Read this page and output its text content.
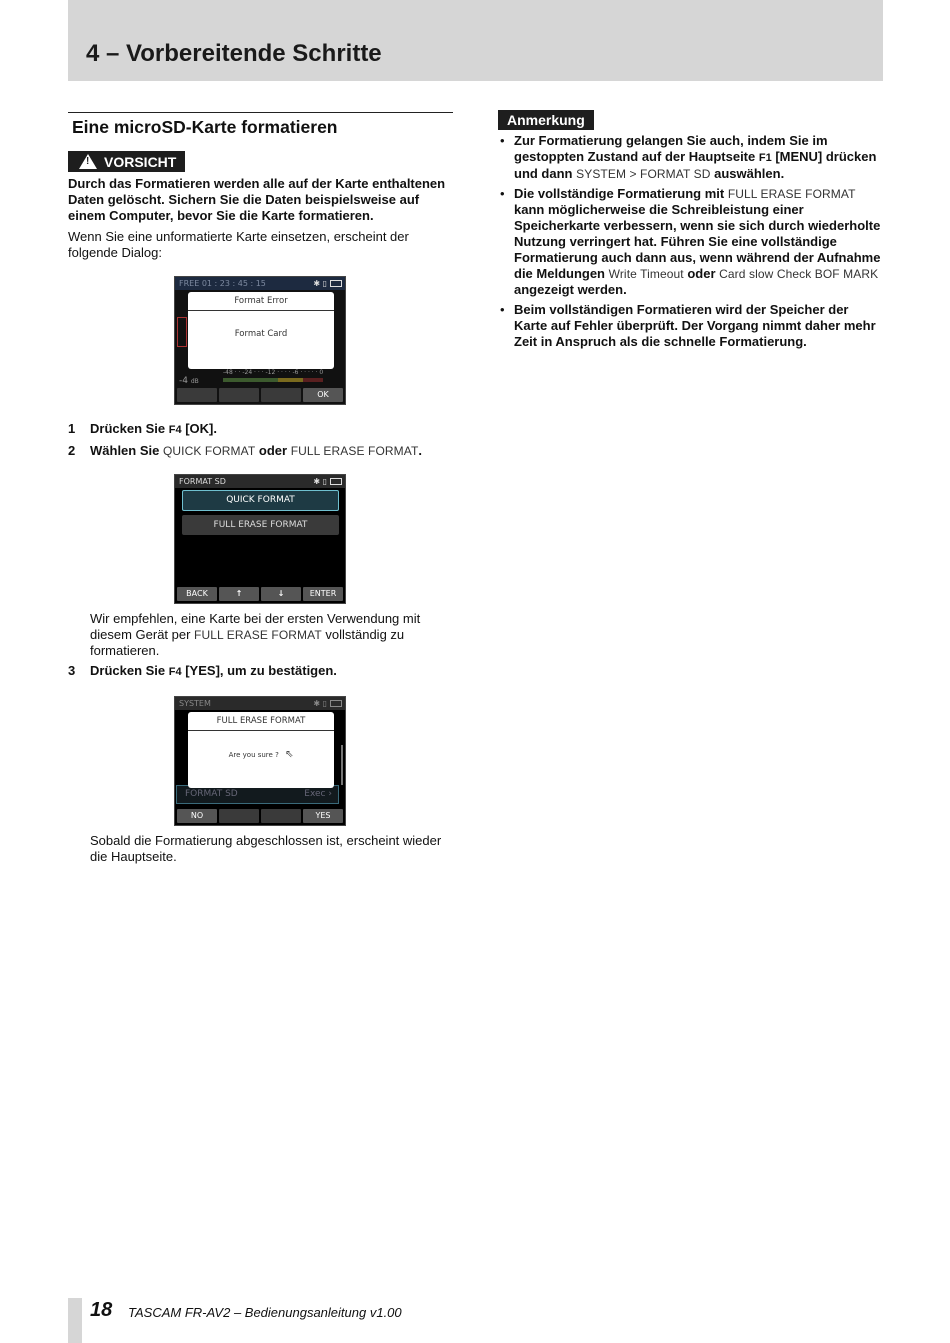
4 – Vorbereitende Schritte
Eine microSD-Karte formatieren
!
VORSICHT
Durch das Formatieren werden alle auf der Karte enthaltenen Daten gelöscht. Sichern Sie die Daten beispielsweise auf einem Computer, bevor Sie die Karte formatieren.
Wenn Sie eine unformatierte Karte einsetzen, erscheint der folgende Dialog:
FREE 01 : 23 : 45 : 15	✱ ▯
-4 dB
-48 · · -24 · · · -12 · · · · -6 · · · · · 0
Format Error
Format Card
OK
1	Drücken Sie F4 [OK].
2	Wählen Sie QUICK FORMAT oder FULL ERASE FORMAT.
FORMAT SD	✱ ▯
QUICK FORMAT
FULL ERASE FORMAT
BACK	↑	↓	ENTER
Wir empfehlen, eine Karte bei der ersten Verwendung mit diesem Gerät per FULL ERASE FORMAT vollständig zu formatieren.
3	Drücken Sie F4 [YES], um zu bestätigen.
SYSTEM	✱ ▯
FORMAT SD	Exec ›
FULL ERASE FORMAT
Are you sure ? ⇖
NO	YES
Sobald die Formatierung abgeschlossen ist, erscheint wieder die Hauptseite.
Anmerkung
• Zur Formatierung gelangen Sie auch, indem Sie im gestoppten Zustand auf der Hauptseite F1 [MENU] drücken und dann SYSTEM > FORMAT SD auswählen.
• Die vollständige Formatierung mit FULL ERASE FORMAT kann möglicherweise die Schreibleistung einer Speicherkarte verbessern, wenn sie sich durch wiederholte Nutzung verringert hat. Führen Sie eine vollständige Formatierung auch dann aus, wenn während der Aufnahme die Meldungen Write Timeout oder Card slow Check BOF MARK angezeigt werden.
• Beim vollständigen Formatieren wird der Speicher der Karte auf Fehler überprüft. Der Vorgang nimmt daher mehr Zeit in Anspruch als die schnelle Formatierung.
18 TASCAM FR-AV2 – Bedienungsanleitung v1.00
